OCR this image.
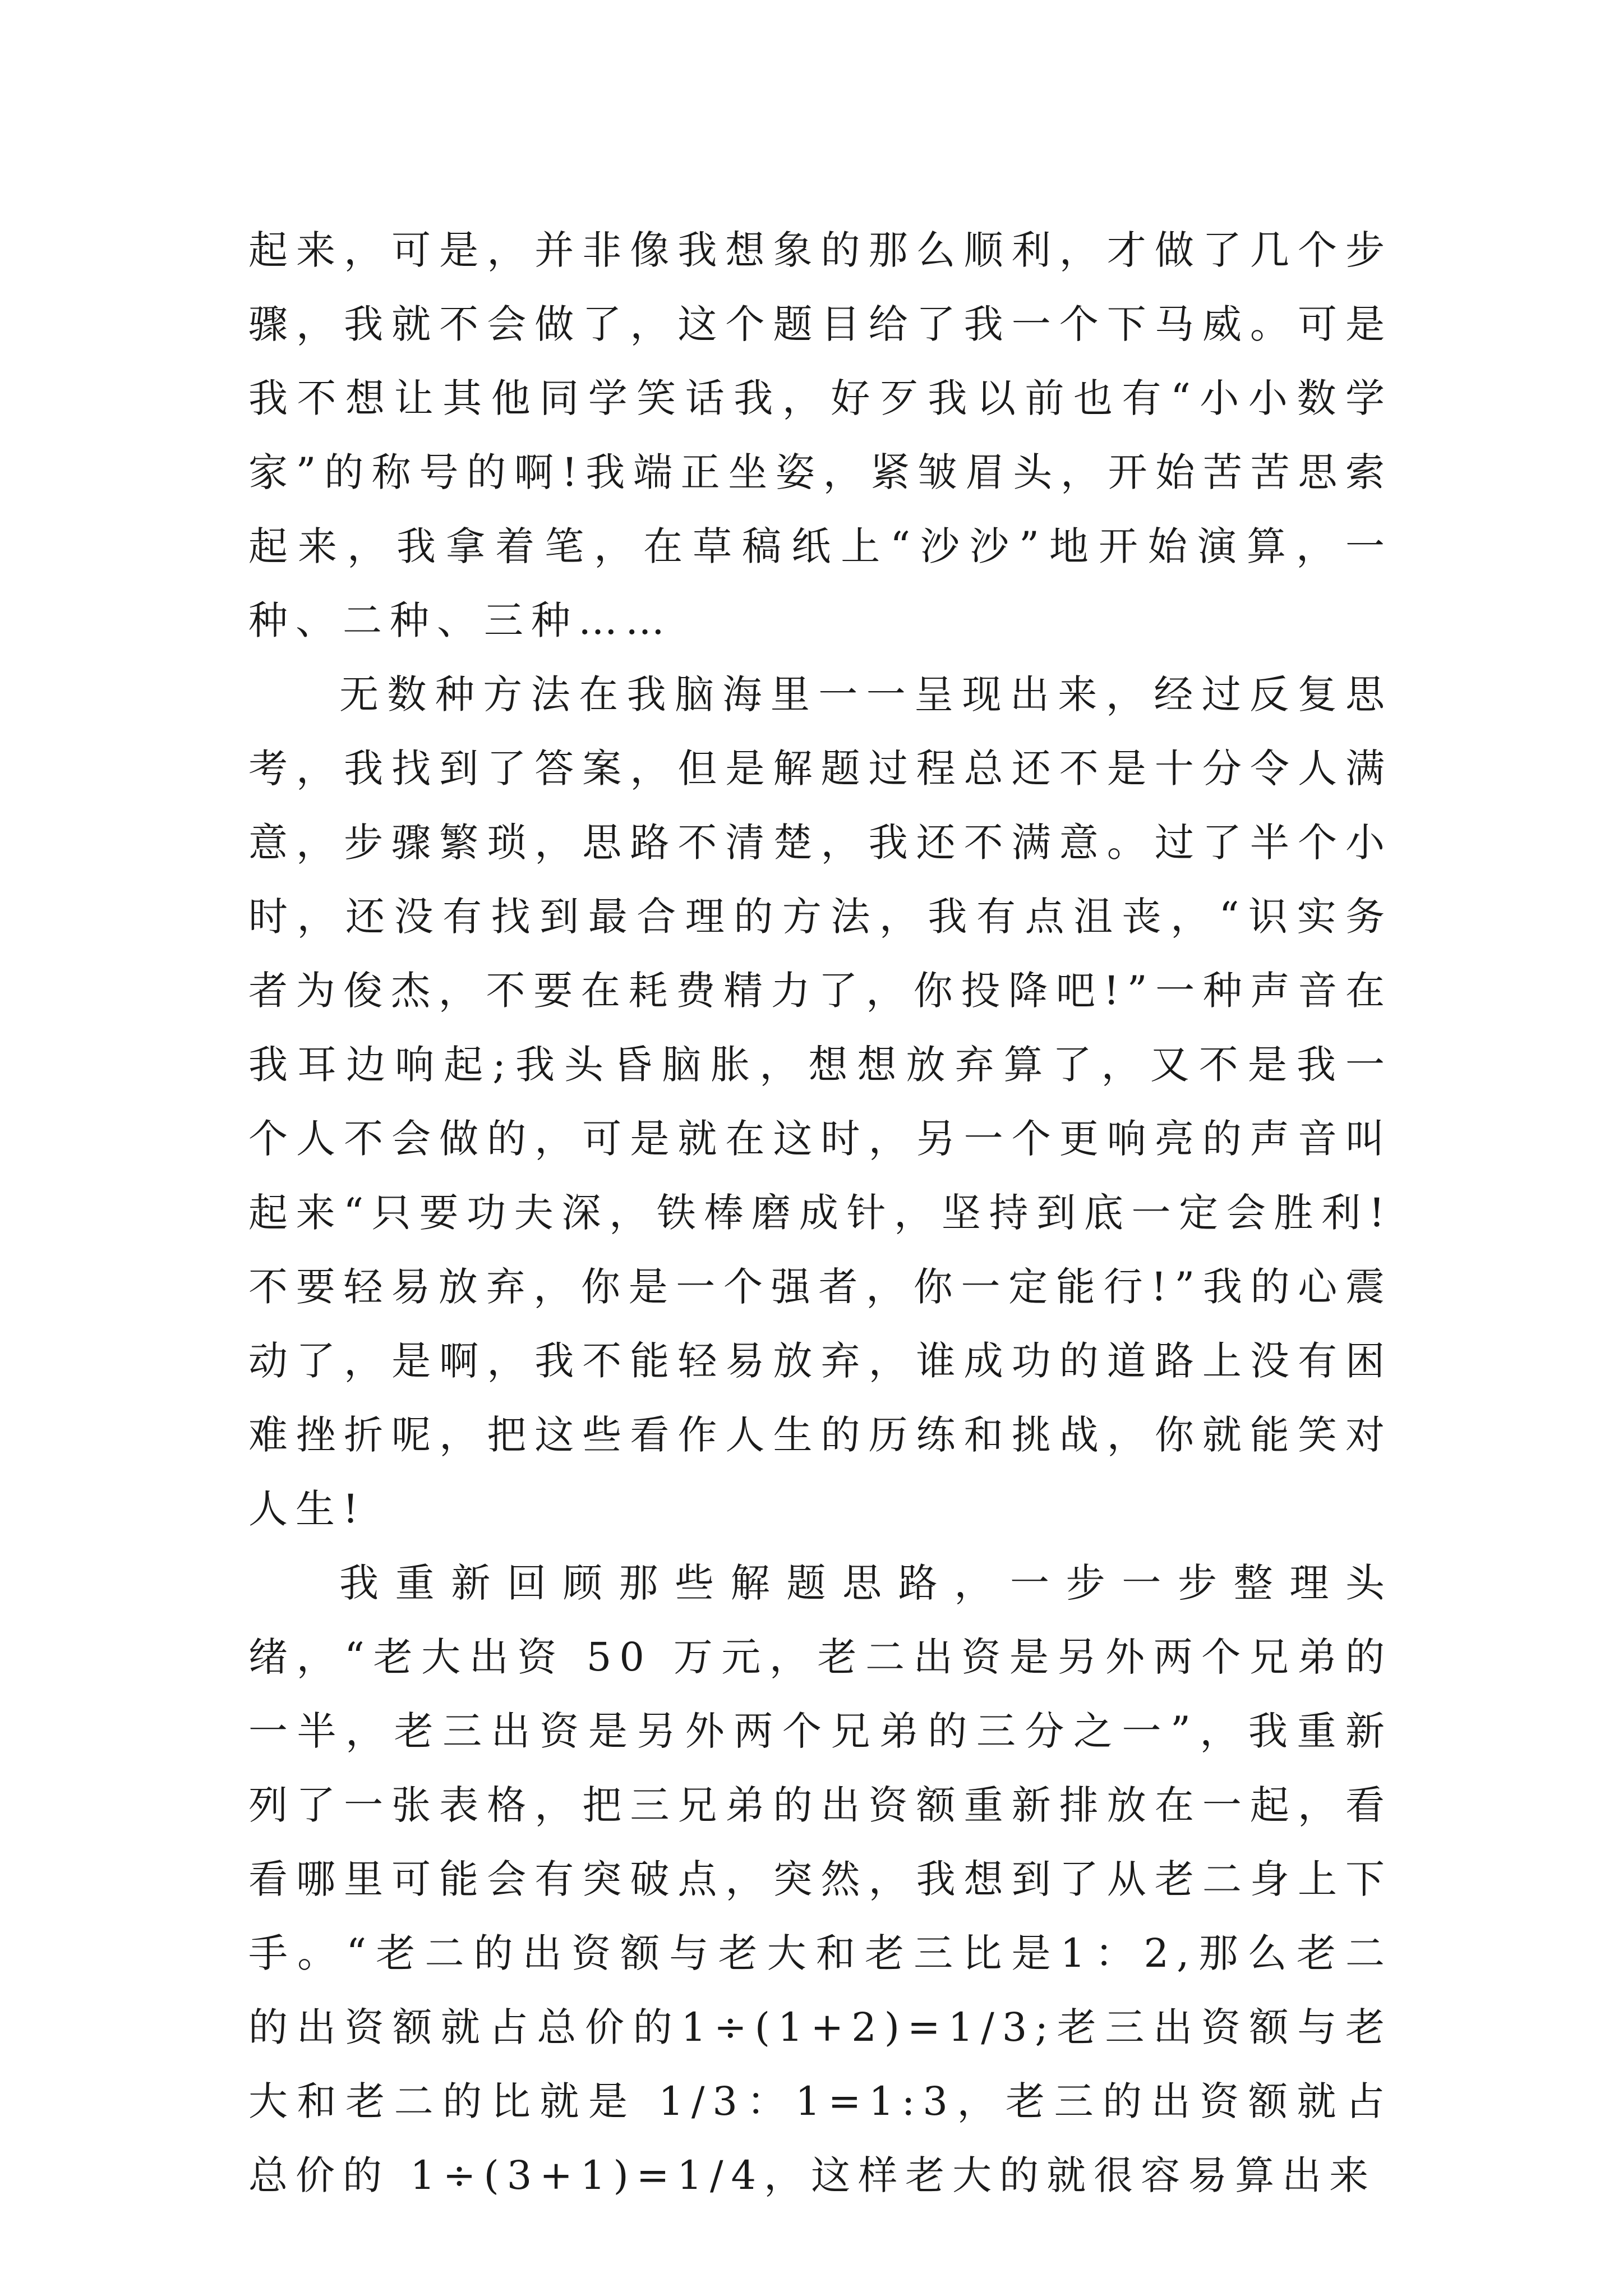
起来，可是，并非像我想象的那么顺利，才做了几个步骤，我就不会做了，这个题目给了我一个下马威。可是我不想让其他同学笑话我，好歹我以前也有“小小数学家”的称号的啊!我端正坐姿，紧皱眉头，开始苦苦思索起来，我拿着笔，在草稿纸上“沙沙”地开始演算，一种、二种、三种……

无数种方法在我脑海里一一呈现出来，经过反复思考，我找到了答案，但是解题过程总还不是十分令人满意，步骤繁琐，思路不清楚，我还不满意。过了半个小时，还没有找到最合理的方法，我有点沮丧，“识实务者为俊杰，不要在耗费精力了，你投降吧!”一种声音在我耳边响起;我头昏脑胀，想想放弃算了，又不是我一个人不会做的，可是就在这时，另一个更响亮的声音叫起来“只要功夫深，铁棒磨成针，坚持到底一定会胜利!不要轻易放弃，你是一个强者，你一定能行!”我的心震动了，是啊，我不能轻易放弃，谁成功的道路上没有困难挫折呢，把这些看作人生的历练和挑战，你就能笑对人生!

我重新回顾那些解题思路，一步一步整理头绪，“老大出资 50 万元，老二出资是另外两个兄弟的一半，老三出资是另外两个兄弟的三分之一”，我重新列了一张表格，把三兄弟的出资额重新排放在一起，看看哪里可能会有突破点，突然，我想到了从老二身上下手。“老二的出资额与老大和老三比是1：2,那么老二的出资额就占总价的1÷(1+2)=1/3;老三出资额与老大和老二的比就是 1/3：1=1:3，老三的出资额就占总价的 1÷(3+1)=1/4，这样老大的就很容易算出来
